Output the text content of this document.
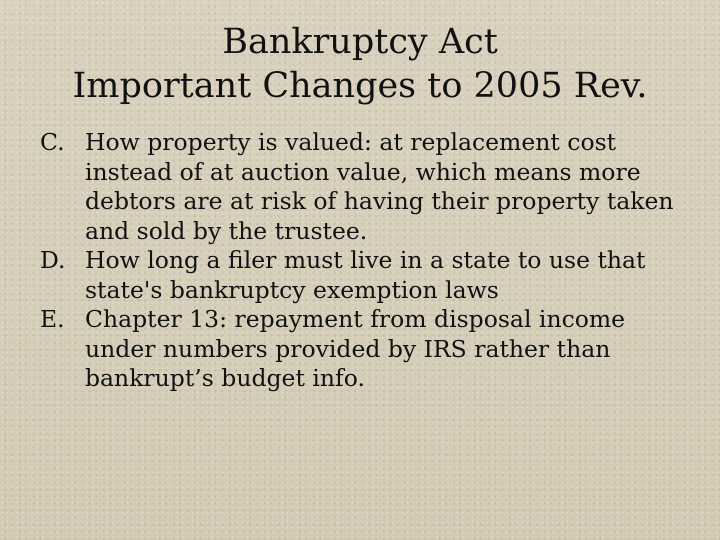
Bankruptcy Act
Important Changes to 2005 Rev.
C. How property is valued: at replacement cost instead of at auction value, which means more debtors are at risk of having their property taken and sold by the trustee.
D. How long a filer must live in a state to use that state's bankruptcy exemption laws
E. Chapter 13: repayment from disposal income under numbers provided by IRS rather than bankrupt’s budget info.
